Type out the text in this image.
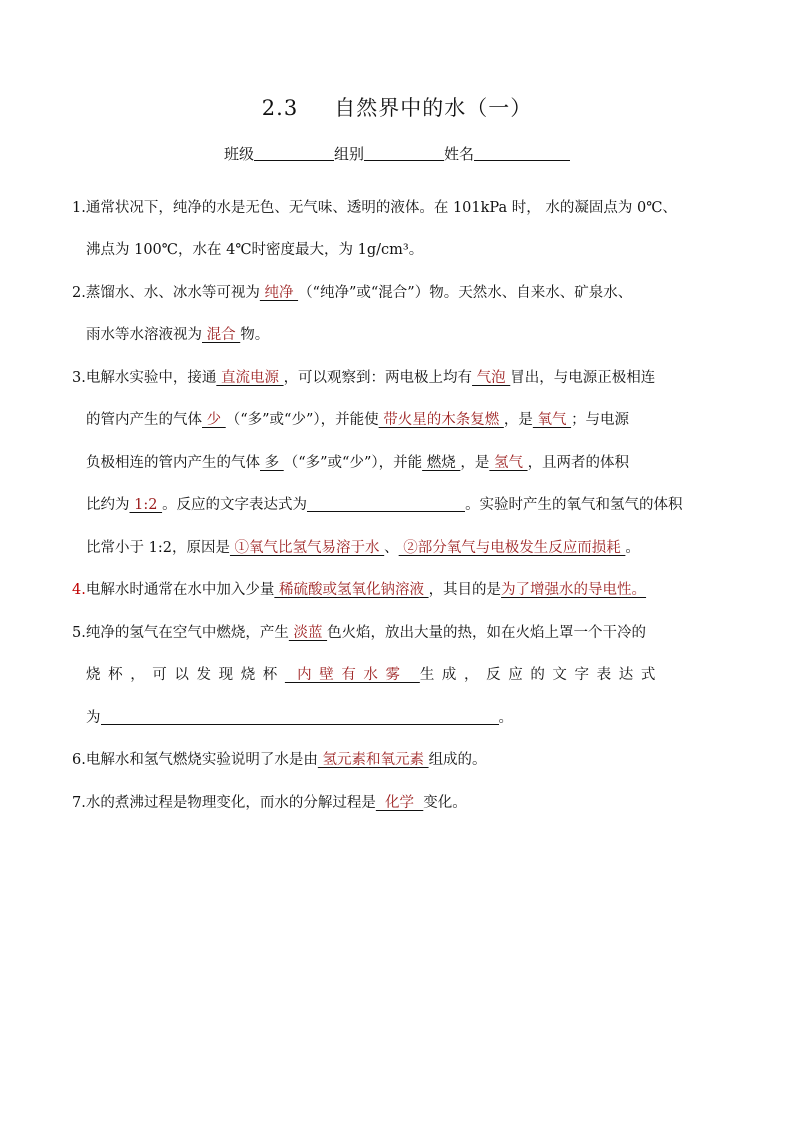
2.3 自然界中的水（一）
班级	组别	姓名
1.通常状况下，纯净的水是无色、无气味、透明的液体。在 101kPa 时， 水的凝固点为 0℃、
沸点为 100℃，水在 4℃时密度最大，为 1g/cm³。
2.蒸馏水、水、冰水等可视为 纯净 （“纯净”或“混合”）物。天然水、自来水、矿泉水、
雨水等水溶液视为 混合 物。
3.电解水实验中，接通 直流电源 ，可以观察到：两电极上均有 气泡 冒出，与电源正极相连
的管内产生的气体 少 （“多”或“少”），并能使 带火星的木条复燃 ，是 氧气 ；与电源
负极相连的管内产生的气体 多 （“多”或“少”），并能 燃烧 ，是 氢气 ，且两者的体积
比约为 1:2 。反应的文字表达式为	。实验时产生的氧气和氢气的体积
比常小于 1:2，原因是 ①氧气比氢气易溶于水 、 ②部分氧气与电极发生反应而损耗 。
4.电解水时通常在水中加入少量 稀硫酸或氢氧化钠溶液 ，其目的是为了增强水的导电性。
5.纯净的氢气在空气中燃烧，产生 淡蓝 色火焰，放出大量的热，如在火焰上罩一个干冷的
烧杯，可以发现烧杯 内壁有水雾 生成，反应的文字表达式
为	。
6.电解水和氢气燃烧实验说明了水是由 氢元素和氧元素 组成的。
7.水的煮沸过程是物理变化，而水的分解过程是  化学  变化。
